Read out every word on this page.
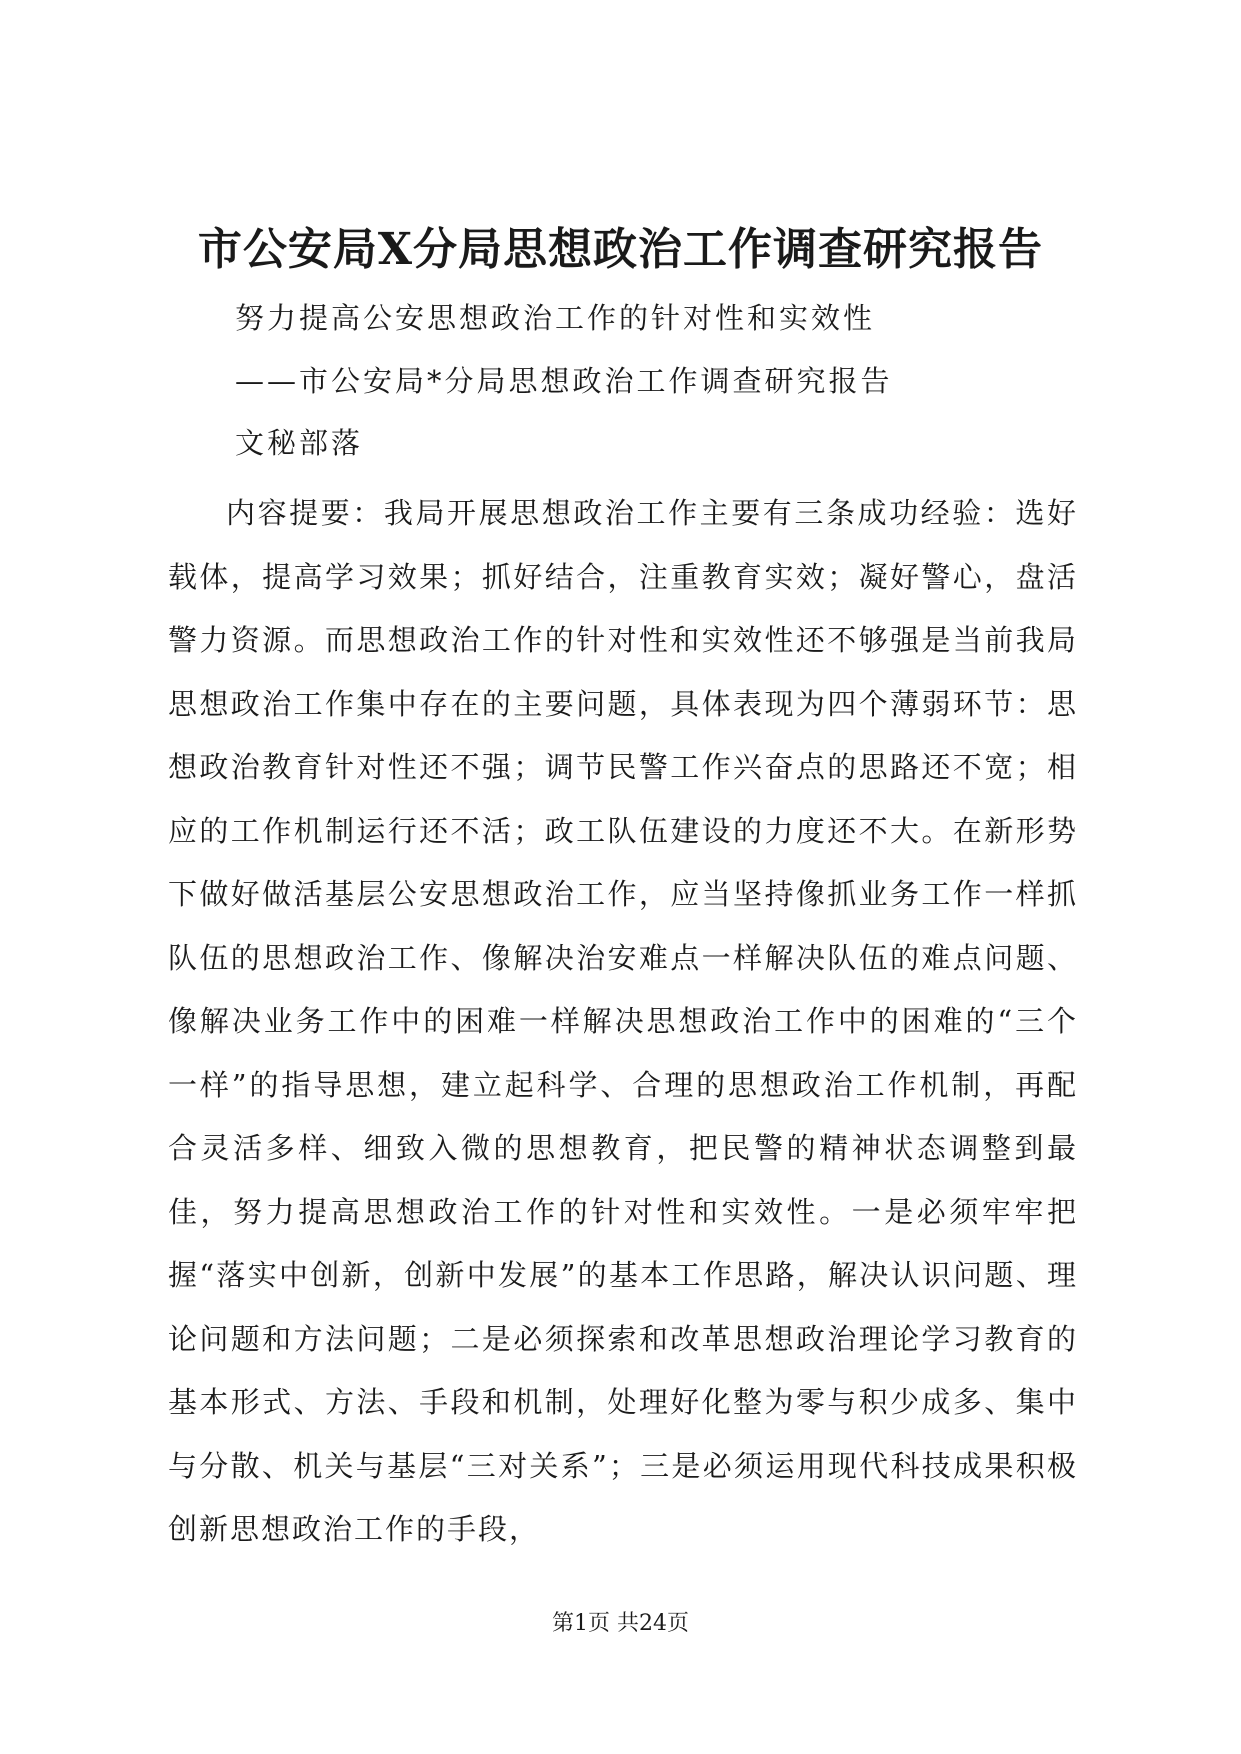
市公安局X分局思想政治工作调查研究报告
努力提高公安思想政治工作的针对性和实效性
——市公安局*分局思想政治工作调查研究报告
文秘部落
内容提要：我局开展思想政治工作主要有三条成功经验：选好载体，提高学习效果；抓好结合，注重教育实效；凝好警心，盘活警力资源。而思想政治工作的针对性和实效性还不够强是当前我局思想政治工作集中存在的主要问题，具体表现为四个薄弱环节：思想政治教育针对性还不强；调节民警工作兴奋点的思路还不宽；相应的工作机制运行还不活；政工队伍建设的力度还不大。在新形势下做好做活基层公安思想政治工作，应当坚持像抓业务工作一样抓队伍的思想政治工作、像解决治安难点一样解决队伍的难点问题、像解决业务工作中的困难一样解决思想政治工作中的困难的“三个一样”的指导思想，建立起科学、合理的思想政治工作机制，再配合灵活多样、细致入微的思想教育，把民警的精神状态调整到最佳，努力提高思想政治工作的针对性和实效性。一是必须牢牢把握“落实中创新，创新中发展”的基本工作思路，解决认识问题、理论问题和方法问题；二是必须探索和改革思想政治理论学习教育的基本形式、方法、手段和机制，处理好化整为零与积少成多、集中与分散、机关与基层“三对关系”；三是必须运用现代科技成果积极创新思想政治工作的手段，
第1页 共24页
